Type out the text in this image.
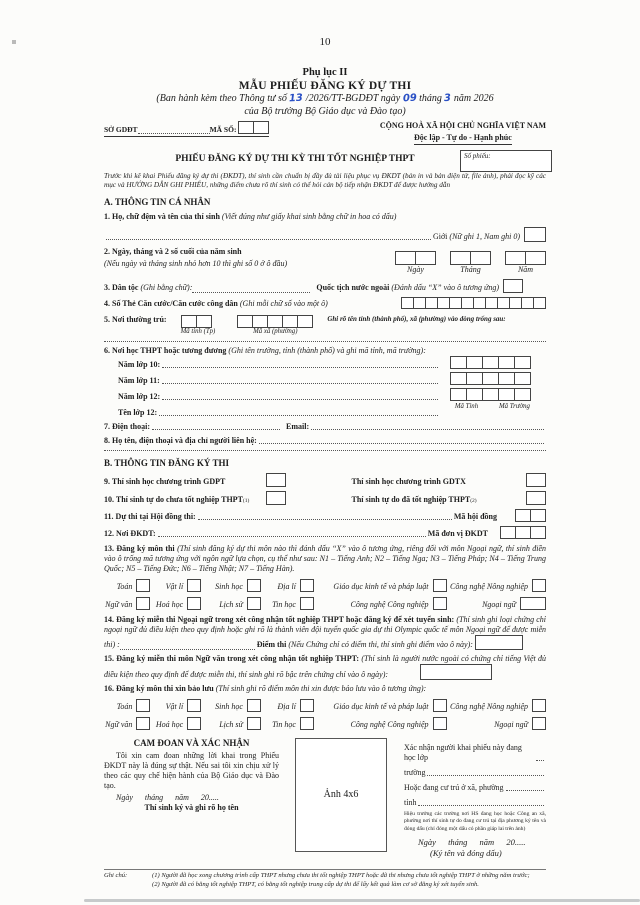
10
Phụ lục II
MẪU PHIẾU ĐĂNG KÝ DỰ THI
(Ban hành kèm theo Thông tư số 13 /2026/TT-BGDĐT ngày 09 tháng 3 năm 2026
của Bộ trưởng Bộ Giáo dục và Đào tạo)
SỞ GDĐT	MÃ SỐ:	CỘNG HOÀ XÃ HỘI CHỦ NGHĨA VIỆT NAM
Độc lập - Tự do - Hạnh phúc
PHIẾU ĐĂNG KÝ DỰ THI KỲ THI TỐT NGHIỆP THPT	Số phiếu:
Trước khi kê khai Phiếu đăng ký dự thi (ĐKDT), thí sinh cần chuẩn bị đầy đủ tài liệu phục vụ ĐKDT (bản in và bản điện tử, file ảnh), phải đọc kỹ các mục và HƯỚNG DẪN GHI PHIẾU, những điểm chưa rõ thí sinh có thể hỏi cán bộ tiếp nhận ĐKDT để được hướng dẫn
A. THÔNG TIN CÁ NHÂN
1. Họ, chữ đệm và tên của thí sinh
(Viết đúng như giấy khai sinh bằng chữ in hoa có dấu)
Giới
(Nữ ghi 1, Nam ghi 0)
2. Ngày, tháng và 2 số cuối của năm sinh
(Nếu ngày và tháng sinh nhỏ hơn 10 thì ghi số 0 ở ô đầu)
Ngày	Tháng	Năm
3. Dân tộc
(Ghi bằng chữ):	Quốc tịch nước ngoài
(Đánh dấu “X” vào ô tương ứng)
4. Số Thẻ Căn cước/Căn cước công dân
(Ghi mỗi chữ số vào một ô)
5. Nơi thường trú:
Mã tỉnh (Tp)	Mã xã (phường)
Ghi rõ tên tỉnh (thành phố), xã (phường) vào dòng trống sau:
6. Nơi học THPT hoặc tương đương (Ghi tên trường, tỉnh (thành phố) và ghi mã tỉnh, mã trường):
Năm lớp 10:
Năm lớp 11:
Năm lớp 12:
Tên lớp 12:
Mã Tỉnh	Mã Trường
7. Điện thoại:	Email:
8. Họ tên, điện thoại và địa chỉ người liên hệ:
B. THÔNG TIN ĐĂNG KÝ THI
9. Thí sinh học chương trình GDPT	Thí sinh học chương trình GDTX
10. Thí sinh tự do chưa tốt nghiệp THPT (1)	Thí sinh tự do đã tốt nghiệp THPT (2)
11. Dự thi tại Hội đồng thi:	Mã hội đồng
12. Nơi ĐKDT:	Mã đơn vị ĐKDT
13. Đăng ký môn thi (Thí sinh đăng ký dự thi môn nào thì đánh dấu “X” vào ô tương ứng, riêng đối với môn Ngoại ngữ, thí sinh điền vào ô trống mã tương ứng với ngôn ngữ lựa chọn, cụ thể như sau: N1 – Tiếng Anh; N2 – Tiếng Nga; N3 – Tiếng Pháp; N4 – Tiếng Trung Quốc; N5 – Tiếng Đức; N6 – Tiếng Nhật; N7 – Tiếng Hàn).
Toán	Vật lí	Sinh học	Địa lí	Giáo dục kinh tế và pháp luật	Công nghệ Nông nghiệp
Ngữ văn	Hoá học	Lịch sử	Tin học	Công nghệ Công nghiệp	Ngoại ngữ
14. Đăng ký miễn thi Ngoại ngữ trong xét công nhận tốt nghiệp THPT hoặc đăng ký để xét tuyển sinh: (Thí sinh ghi loại chứng chỉ ngoại ngữ đủ điều kiện theo quy định hoặc ghi rõ là thành viên đội tuyển quốc gia dự thi Olympic quốc tế môn Ngoại ngữ để được miễn thi) :	Điểm thi (Nếu Chứng chỉ có điểm thi, thí sinh ghi điểm vào ô này):
15. Đăng ký miễn thi môn Ngữ văn trong xét công nhận tốt nghiệp THPT: (Thí sinh là người nước ngoài có chứng chỉ tiếng Việt đủ điều kiện theo quy định để được miễn thi, thí sinh ghi rõ bậc trên chứng chỉ vào ô ngày):
16. Đăng ký môn thi xin bảo lưu (Thí sinh ghi rõ điểm môn thi xin được bảo lưu vào ô tương ứng):
Toán	Vật lí	Sinh học	Địa lí	Giáo dục kinh tế và pháp luật	Công nghệ Nông nghiệp
Ngữ văn	Hoá học	Lịch sử	Tin học	Công nghệ Công nghiệp	Ngoại ngữ
CAM ĐOAN VÀ XÁC NHẬN
Tôi xin cam đoan những lời khai trong Phiếu ĐKDT này là đúng sự thật. Nếu sai tôi xin chịu xử lý theo các quy chế hiện hành của Bộ Giáo dục và Đào tạo.
Ngày tháng năm 20.....
Thí sinh ký và ghi rõ họ tên
Ảnh 4x6
Xác nhận người khai phiếu này đang học lớp
trường
Hoặc đang cư trú ở xã, phường
tỉnh
Hiệu trưởng các trường nơi HS đang học hoặc Công an xã, phường nơi thí sinh tự do đang cư trú tại địa phương ký tên và đóng dấu (chỉ đóng một dấu có phần giáp lai trên ảnh)
Ngày tháng năm 20.....
(Ký tên và đóng dấu)
Ghi chú:	(1) Người đã học xong chương trình cấp THPT nhưng chưa thi tốt nghiệp THPT hoặc đã thi nhưng chưa tốt nghiệp THPT ở những năm trước;
(2) Người đã có bằng tốt nghiệp THPT, có bằng tốt nghiệp trung cấp dự thi để lấy kết quả làm cơ sở đăng ký xét tuyển sinh.
